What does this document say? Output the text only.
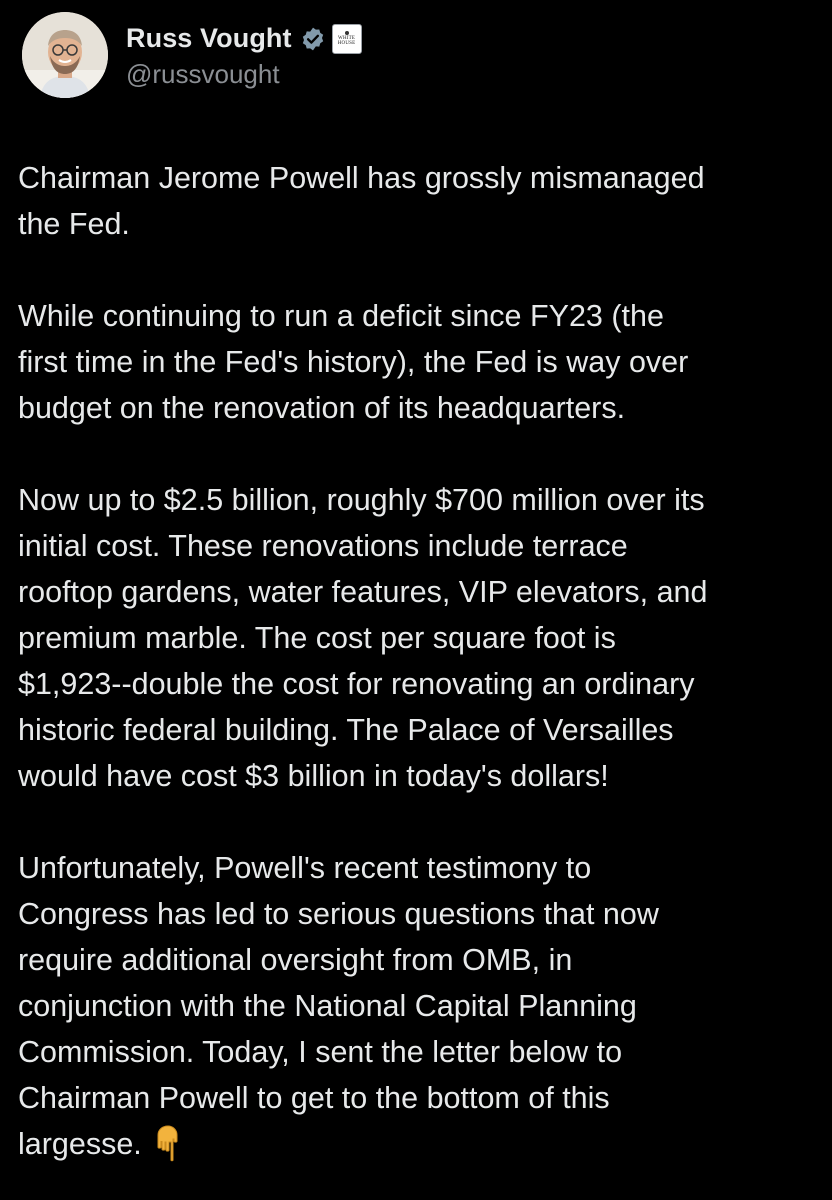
Russ Vought	WHITE
HOUSE
@russvought
Chairman Jerome Powell has grossly mismanaged
the Fed.
While continuing to run a deficit since FY23 (the
first time in the Fed's history), the Fed is way over
budget on the renovation of its headquarters.
Now up to $2.5 billion, roughly $700 million over its
initial cost. These renovations include terrace
rooftop gardens, water features, VIP elevators, and
premium marble. The cost per square foot is
$1,923--double the cost for renovating an ordinary
historic federal building. The Palace of Versailles
would have cost $3 billion in today's dollars!
Unfortunately, Powell's recent testimony to
Congress has led to serious questions that now
require additional oversight from OMB, in
conjunction with the National Capital Planning
Commission. Today, I sent the letter below to
Chairman Powell to get to the bottom of this
largesse.
